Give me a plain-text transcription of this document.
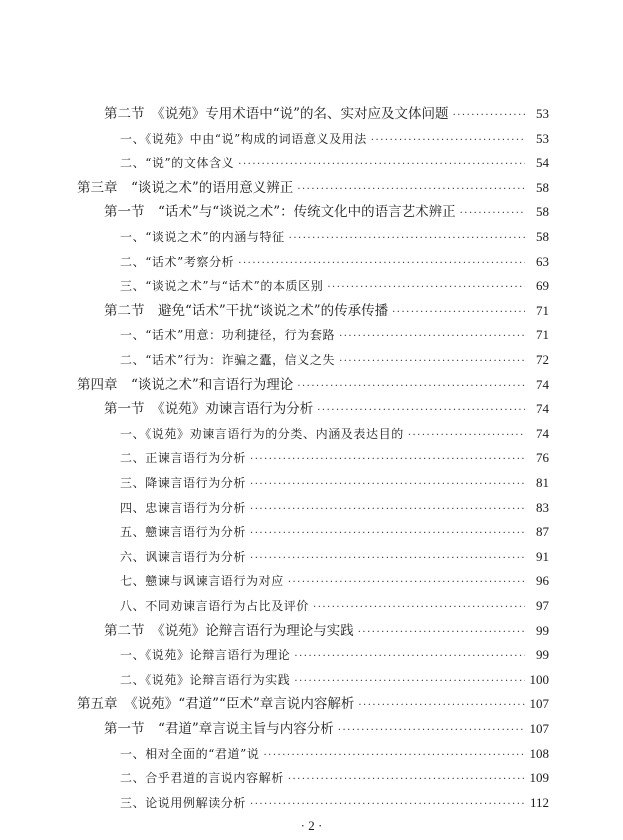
第二节　《说苑》专用术语中“说”的名、实对应及文体问题 ·····	53
一、《说苑》中由“说”构成的词语意义及用法 ·····	53
二、“说”的文体含义 ·····	54
第三章　“谈说之术”的语用意义辨正 ·····	58
第一节　“话术”与“谈说之术”：传统文化中的语言艺术辨正 ·····	58
一、“谈说之术”的内涵与特征 ·····	58
二、“话术”考察分析 ·····	63
三、“谈说之术”与“话术”的本质区别 ·····	69
第二节　避免“话术”干扰“谈说之术”的传承传播 ·····	71
一、“话术”用意：功利捷径，行为套路 ·····	71
二、“话术”行为：诈骗之蠹，信义之失 ·····	72
第四章　“谈说之术”和言语行为理论 ·····	74
第一节　《说苑》劝谏言语行为分析 ·····	74
一、《说苑》劝谏言语行为的分类、内涵及表达目的 ·····	74
二、正谏言语行为分析 ·····	76
三、降谏言语行为分析 ·····	81
四、忠谏言语行为分析 ·····	83
五、戆谏言语行为分析 ·····	87
六、讽谏言语行为分析 ·····	91
七、戆谏与讽谏言语行为对应 ·····	96
八、不同劝谏言语行为占比及评价 ·····	97
第二节　《说苑》论辩言语行为理论与实践 ·····	99
一、《说苑》论辩言语行为理论 ·····	99
二、《说苑》论辩言语行为实践 ·····	100
第五章　《说苑》“君道”“臣术”章言说内容解析 ·····	107
第一节　“君道”章言说主旨与内容分析 ·····	107
一、相对全面的“君道”说 ·····	108
二、合乎君道的言说内容解析 ·····	109
三、论说用例解读分析 ·····	112
· 2 ·
